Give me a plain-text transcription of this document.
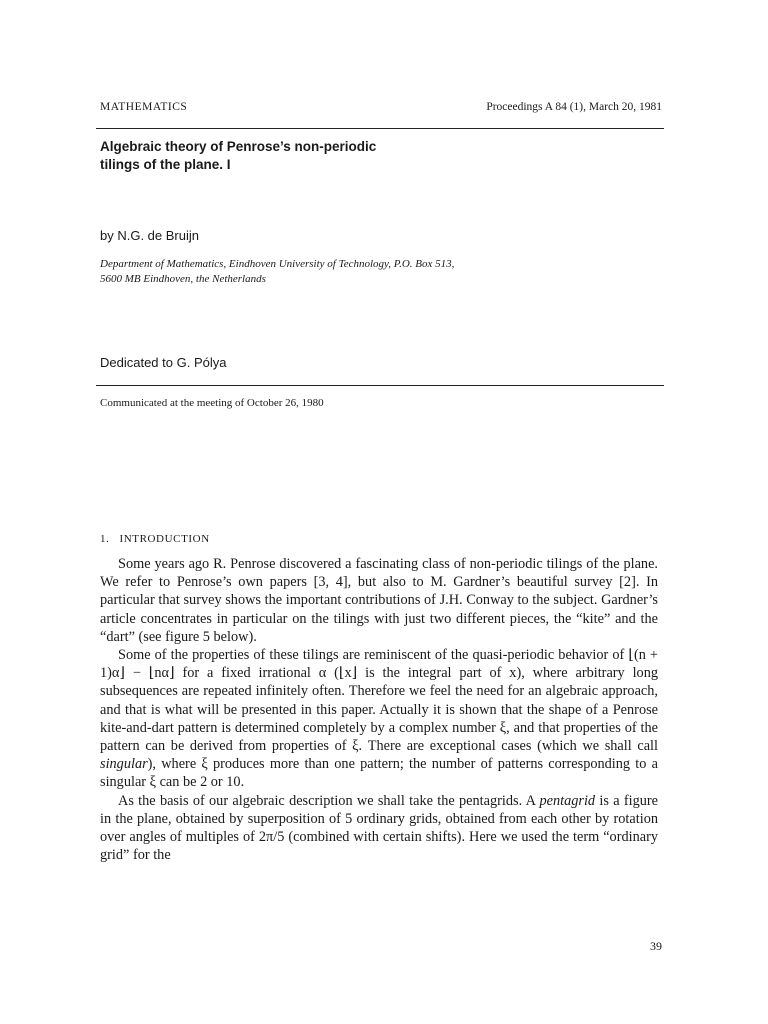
MATHEMATICS	Proceedings A 84 (1), March 20, 1981
Algebraic theory of Penrose’s non-periodic
tilings of the plane. I
by N.G. de Bruijn
Department of Mathematics, Eindhoven University of Technology, P.O. Box 513,
5600 MB Eindhoven, the Netherlands
Dedicated to G. Pólya
Communicated at the meeting of October 26, 1980
1. INTRODUCTION

Some years ago R. Penrose discovered a fascinating class of non-periodic tilings of the plane. We refer to Penrose’s own papers [3, 4], but also to M. Gardner’s beautiful survey [2]. In particular that survey shows the important contributions of J.H. Conway to the subject. Gardner’s article concentrates in particular on the tilings with just two different pieces, the “kite” and the “dart” (see figure 5 below).

Some of the properties of these tilings are reminiscent of the quasi-periodic behavior of ⌊(n + 1)α⌋ − ⌊nα⌋ for a fixed irrational α (⌊x⌋ is the integral part of x), where arbitrary long subsequences are repeated infinitely often. Therefore we feel the need for an algebraic approach, and that is what will be presented in this paper. Actually it is shown that the shape of a Penrose kite-and-dart pattern is determined completely by a complex number ξ, and that properties of the pattern can be derived from properties of ξ. There are exceptional cases (which we shall call singular), where ξ produces more than one pattern; the number of patterns corresponding to a singular ξ can be 2 or 10.

As the basis of our algebraic description we shall take the pentagrids. A pentagrid is a figure in the plane, obtained by superposition of 5 ordinary grids, obtained from each other by rotation over angles of multiples of 2π/5 (combined with certain shifts). Here we used the term “ordinary grid” for the

39
